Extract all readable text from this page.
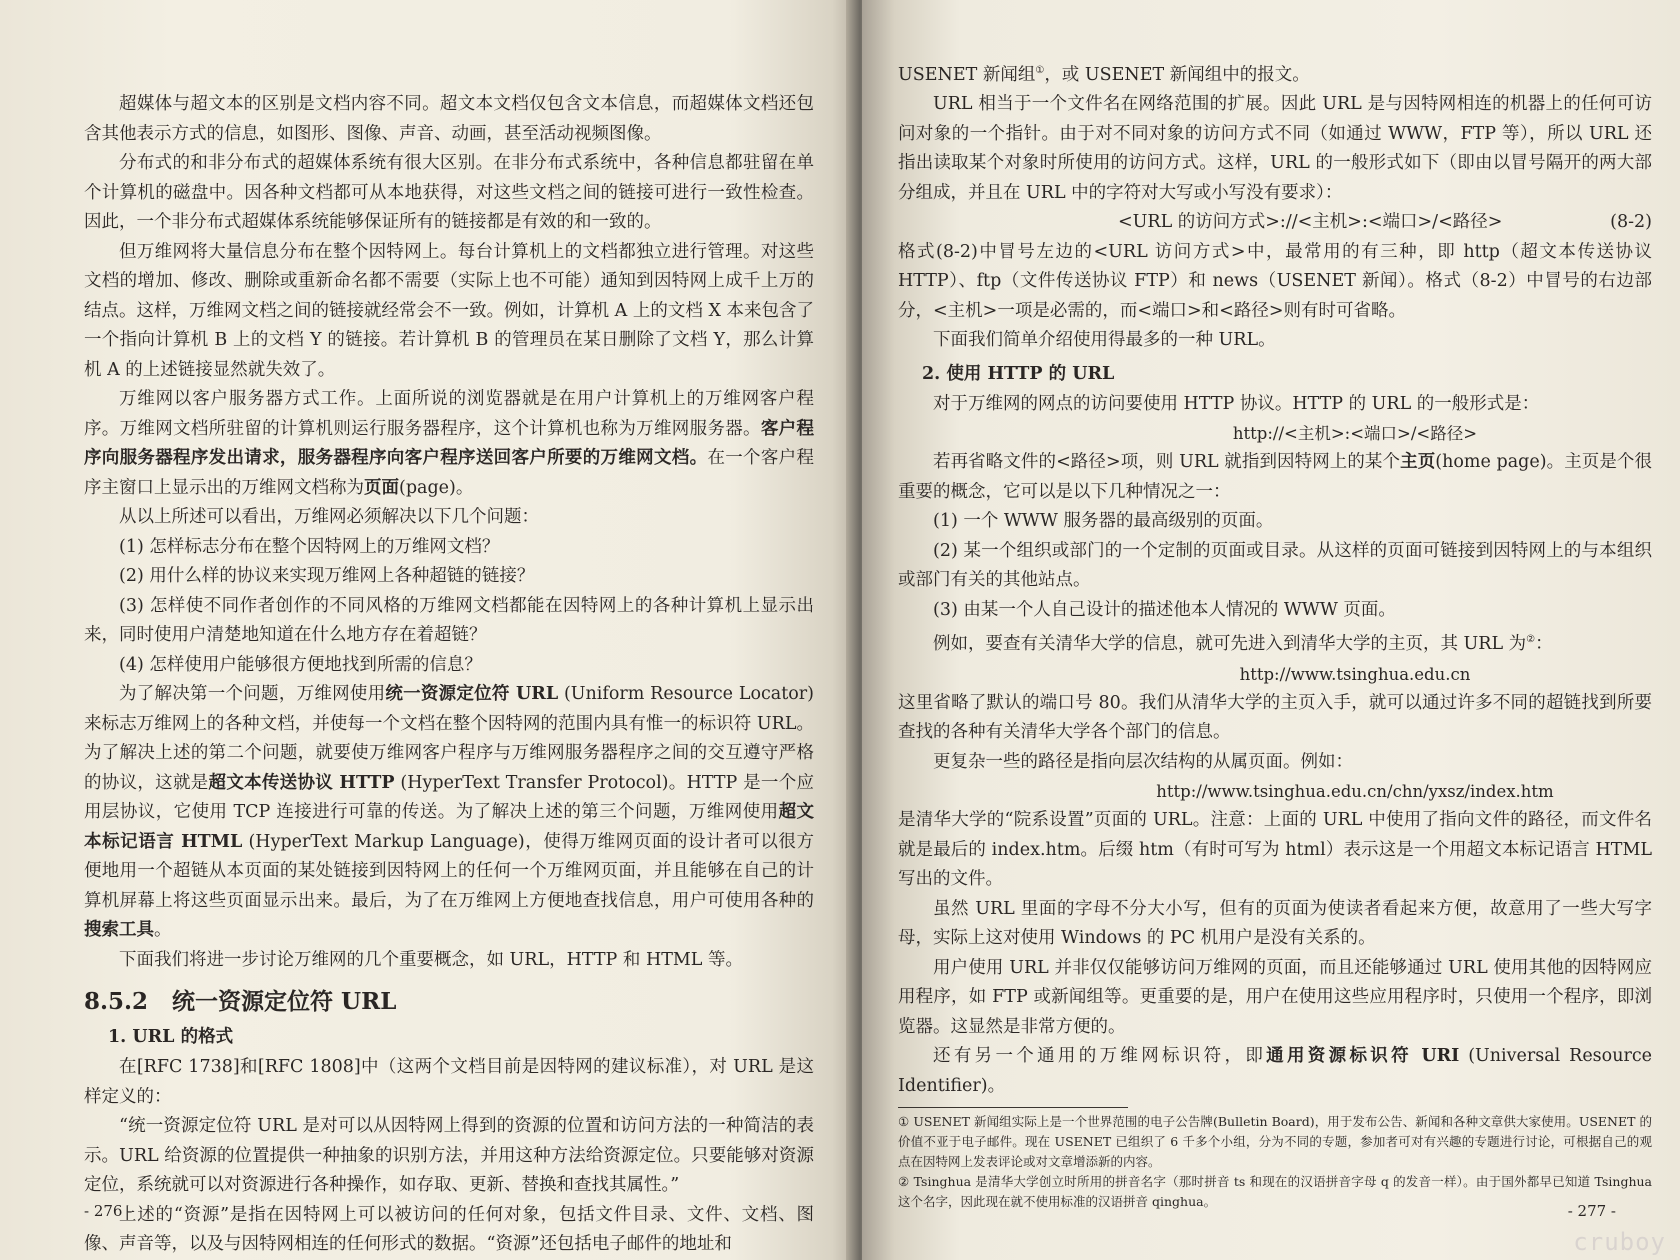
超媒体与超文本的区别是文档内容不同。超文本文档仅包含文本信息，而超媒体文档还包含其他表示方式的信息，如图形、图像、声音、动画，甚至活动视频图像。

分布式的和非分布式的超媒体系统有很大区别。在非分布式系统中，各种信息都驻留在单个计算机的磁盘中。因各种文档都可从本地获得，对这些文档之间的链接可进行一致性检查。因此，一个非分布式超媒体系统能够保证所有的链接都是有效的和一致的。

但万维网将大量信息分布在整个因特网上。每台计算机上的文档都独立进行管理。对这些文档的增加、修改、删除或重新命名都不需要（实际上也不可能）通知到因特网上成千上万的结点。这样，万维网文档之间的链接就经常会不一致。例如，计算机 A 上的文档 X 本来包含了一个指向计算机 B 上的文档 Y 的链接。若计算机 B 的管理员在某日删除了文档 Y，那么计算机 A 的上述链接显然就失效了。

万维网以客户服务器方式工作。上面所说的浏览器就是在用户计算机上的万维网客户程序。万维网文档所驻留的计算机则运行服务器程序，这个计算机也称为万维网服务器。客户程序向服务器程序发出请求，服务器程序向客户程序送回客户所要的万维网文档。在一个客户程序主窗口上显示出的万维网文档称为页面(page)。

从以上所述可以看出，万维网必须解决以下几个问题：

(1) 怎样标志分布在整个因特网上的万维网文档？

(2) 用什么样的协议来实现万维网上各种超链的链接？

(3) 怎样使不同作者创作的不同风格的万维网文档都能在因特网上的各种计算机上显示出来，同时使用户清楚地知道在什么地方存在着超链？

(4) 怎样使用户能够很方便地找到所需的信息？

为了解决第一个问题，万维网使用统一资源定位符 URL (Uniform Resource Locator)来标志万维网上的各种文档，并使每一个文档在整个因特网的范围内具有惟一的标识符 URL。为了解决上述的第二个问题，就要使万维网客户程序与万维网服务器程序之间的交互遵守严格的协议，这就是超文本传送协议 HTTP (HyperText Transfer Protocol)。HTTP 是一个应用层协议，它使用 TCP 连接进行可靠的传送。为了解决上述的第三个问题，万维网使用超文本标记语言 HTML (HyperText Markup Language)，使得万维网页面的设计者可以很方便地用一个超链从本页面的某处链接到因特网上的任何一个万维网页面，并且能够在自己的计算机屏幕上将这些页面显示出来。最后，为了在万维网上方便地查找信息，用户可使用各种的搜索工具。

下面我们将进一步讨论万维网的几个重要概念，如 URL，HTTP 和 HTML 等。

8.5.2 统一资源定位符 URL
1. URL 的格式

在[RFC 1738]和[RFC 1808]中（这两个文档目前是因特网的建议标准），对 URL 是这样定义的：

“统一资源定位符 URL 是对可以从因特网上得到的资源的位置和访问方法的一种简洁的表示。URL 给资源的位置提供一种抽象的识别方法，并用这种方法给资源定位。只要能够对资源定位，系统就可以对资源进行各种操作，如存取、更新、替换和查找其属性。”

上述的“资源”是指在因特网上可以被访问的任何对象，包括文件目录、文件、文档、图像、声音等，以及与因特网相连的任何形式的数据。“资源”还包括电子邮件的地址和

- 276 -

USENET 新闻组①，或 USENET 新闻组中的报文。

URL 相当于一个文件名在网络范围的扩展。因此 URL 是与因特网相连的机器上的任何可访问对象的一个指针。由于对不同对象的访问方式不同（如通过 WWW，FTP 等），所以 URL 还指出读取某个对象时所使用的访问方式。这样，URL 的一般形式如下（即由以冒号隔开的两大部分组成，并且在 URL 中的字符对大写或小写没有要求）：

<URL 的访问方式>://<主机>:<端口>/<路径>	(8-2)

格式(8-2)中冒号左边的<URL 访问方式>中，最常用的有三种，即 http（超文本传送协议 HTTP）、ftp（文件传送协议 FTP）和 news（USENET 新闻）。格式（8-2）中冒号的右边部分，<主机>一项是必需的，而<端口>和<路径>则有时可省略。

下面我们简单介绍使用得最多的一种 URL。

2. 使用 HTTP 的 URL

对于万维网的网点的访问要使用 HTTP 协议。HTTP 的 URL 的一般形式是：

http://<主机>:<端口>/<路径>

若再省略文件的<路径>项，则 URL 就指到因特网上的某个主页(home page)。主页是个很重要的概念，它可以是以下几种情况之一：

(1) 一个 WWW 服务器的最高级别的页面。

(2) 某一个组织或部门的一个定制的页面或目录。从这样的页面可链接到因特网上的与本组织或部门有关的其他站点。

(3) 由某一个人自己设计的描述他本人情况的 WWW 页面。

例如，要查有关清华大学的信息，就可先进入到清华大学的主页，其 URL 为②：

http://www.tsinghua.edu.cn

这里省略了默认的端口号 80。我们从清华大学的主页入手，就可以通过许多不同的超链找到所要查找的各种有关清华大学各个部门的信息。

更复杂一些的路径是指向层次结构的从属页面。例如：

http://www.tsinghua.edu.cn/chn/yxsz/index.htm

是清华大学的“院系设置”页面的 URL。注意：上面的 URL 中使用了指向文件的路径，而文件名就是最后的 index.htm。后缀 htm（有时可写为 html）表示这是一个用超文本标记语言 HTML 写出的文件。

虽然 URL 里面的字母不分大小写，但有的页面为使读者看起来方便，故意用了一些大写字母，实际上这对使用 Windows 的 PC 机用户是没有关系的。

用户使用 URL 并非仅仅能够访问万维网的页面，而且还能够通过 URL 使用其他的因特网应用程序，如 FTP 或新闻组等。更重要的是，用户在使用这些应用程序时，只使用一个程序，即浏览器。这显然是非常方便的。

还有另一个通用的万维网标识符，即通用资源标识符 URI (Universal Resource Identifier)。

① USENET 新闻组实际上是一个世界范围的电子公告牌(Bulletin Board)，用于发布公告、新闻和各种文章供大家使用。USENET 的价值不亚于电子邮件。现在 USENET 已组织了 6 千多个小组，分为不同的专题，参加者可对有兴趣的专题进行讨论，可根据自己的观点在因特网上发表评论或对文章增添新的内容。

② Tsinghua 是清华大学创立时所用的拼音名字（那时拼音 ts 和现在的汉语拼音字母 q 的发音一样）。由于国外都早已知道 Tsinghua 这个名字，因此现在就不使用标准的汉语拼音 qinghua。

- 277 -
cruboy
